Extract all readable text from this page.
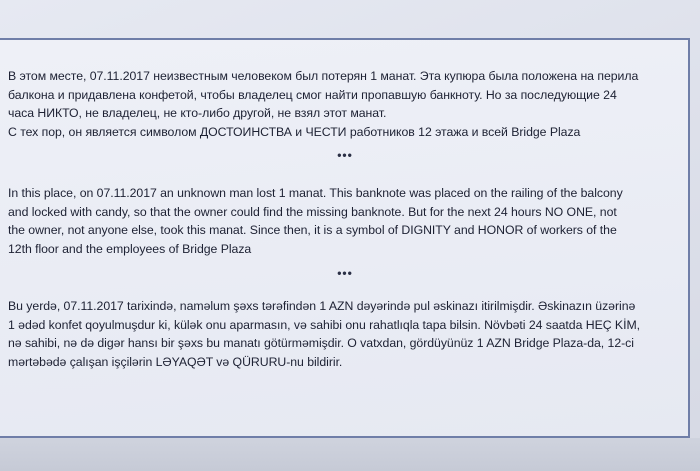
В этом месте, 07.11.2017 неизвестным человеком был потерян 1 манат. Эта купюра была положена на перила
балкона и придавлена конфетой, чтобы владелец смог найти пропавшую банкноту. Но за последующие 24
часа НИКТО, не владелец, не кто-либо другой, не взял этот манат.
С тех пор, он является символом ДОСТОИНСТВА и ЧЕСТИ работников 12 этажа и всей Bridge Plaza

•••

In this place, on 07.11.2017 an unknown man lost 1 manat. This banknote was placed on the railing of the balcony
and locked with candy, so that the owner could find the missing banknote. But for the next 24 hours NO ONE, not
the owner, not anyone else, took this manat. Since then, it is a symbol of DIGNITY and HONOR of workers of the
12th floor and the employees of Bridge Plaza

•••

Bu yerdə, 07.11.2017 tarixində, naməlum şəxs tərəfindən 1 AZN dəyərində pul əskinazı itirilmişdir. Əskinazın üzərinə
1 ədəd konfet qoyulmuşdur ki, külək onu aparmasın, və sahibi onu rahatlıqla tapa bilsin. Növbəti 24 saatda HEÇ KİM,
nə sahibi, nə də digər hansı bir şəxs bu manatı götürməmişdir. O vatxdan, gördüyünüz 1 AZN Bridge Plaza-da, 12-ci
mərtəbədə çalışan işçilərin LƏYAQƏT və QÜRURU-nu bildirir.
